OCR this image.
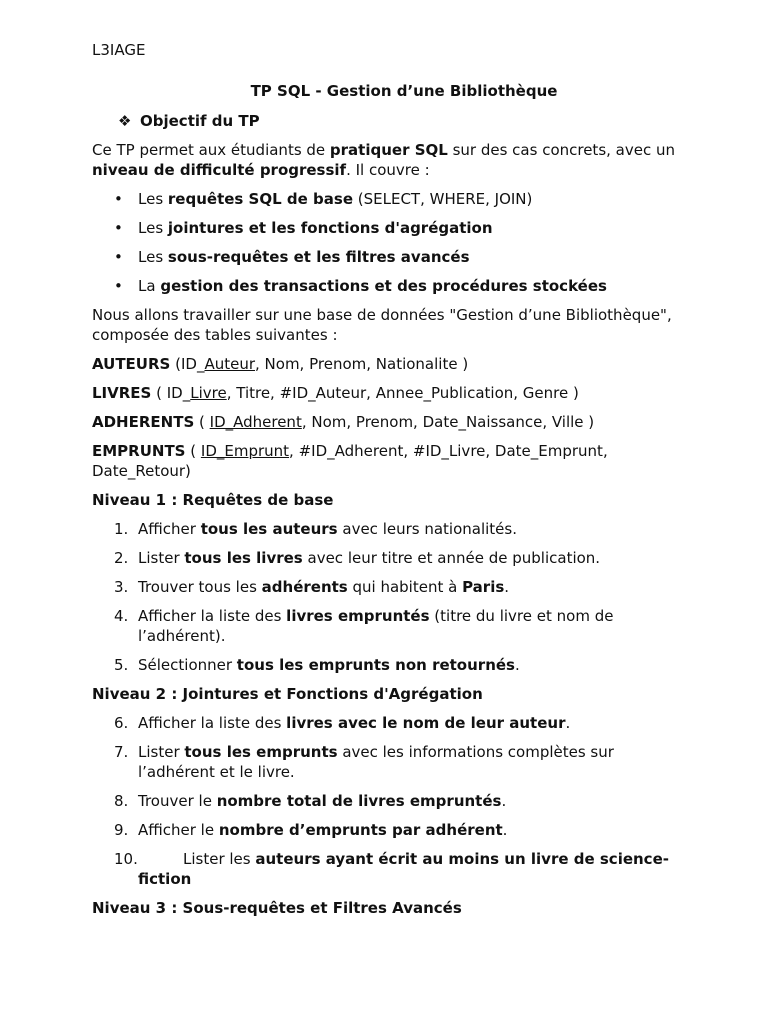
L3IAGE

TP SQL - Gestion d’une Bibliothèque

❖ Objectif du TP

Ce TP permet aux étudiants de pratiquer SQL sur des cas concrets, avec un niveau de difficulté progressif. Il couvre :

• Les requêtes SQL de base (SELECT, WHERE, JOIN)
• Les jointures et les fonctions d'agrégation
• Les sous-requêtes et les filtres avancés
• La gestion des transactions et des procédures stockées

Nous allons travailler sur une base de données "Gestion d’une Bibliothèque", composée des tables suivantes :

AUTEURS (ID_Auteur, Nom, Prenom, Nationalite )

LIVRES ( ID_Livre, Titre, #ID_Auteur, Annee_Publication, Genre )

ADHERENTS ( ID_Adherent, Nom, Prenom, Date_Naissance, Ville )

EMPRUNTS ( ID_Emprunt, #ID_Adherent, #ID_Livre, Date_Emprunt, Date_Retour)

Niveau 1 : Requêtes de base

1. Afficher tous les auteurs avec leurs nationalités.
2. Lister tous les livres avec leur titre et année de publication.
3. Trouver tous les adhérents qui habitent à Paris.
4. Afficher la liste des livres empruntés (titre du livre et nom de l’adhérent).
5. Sélectionner tous les emprunts non retournés.

Niveau 2 : Jointures et Fonctions d'Agrégation

6. Afficher la liste des livres avec le nom de leur auteur.
7. Lister tous les emprunts avec les informations complètes sur l’adhérent et le livre.
8. Trouver le nombre total de livres empruntés.
9. Afficher le nombre d’emprunts par adhérent.
10.	Lister les auteurs ayant écrit au moins un livre de science-fiction

Niveau 3 : Sous-requêtes et Filtres Avancés
